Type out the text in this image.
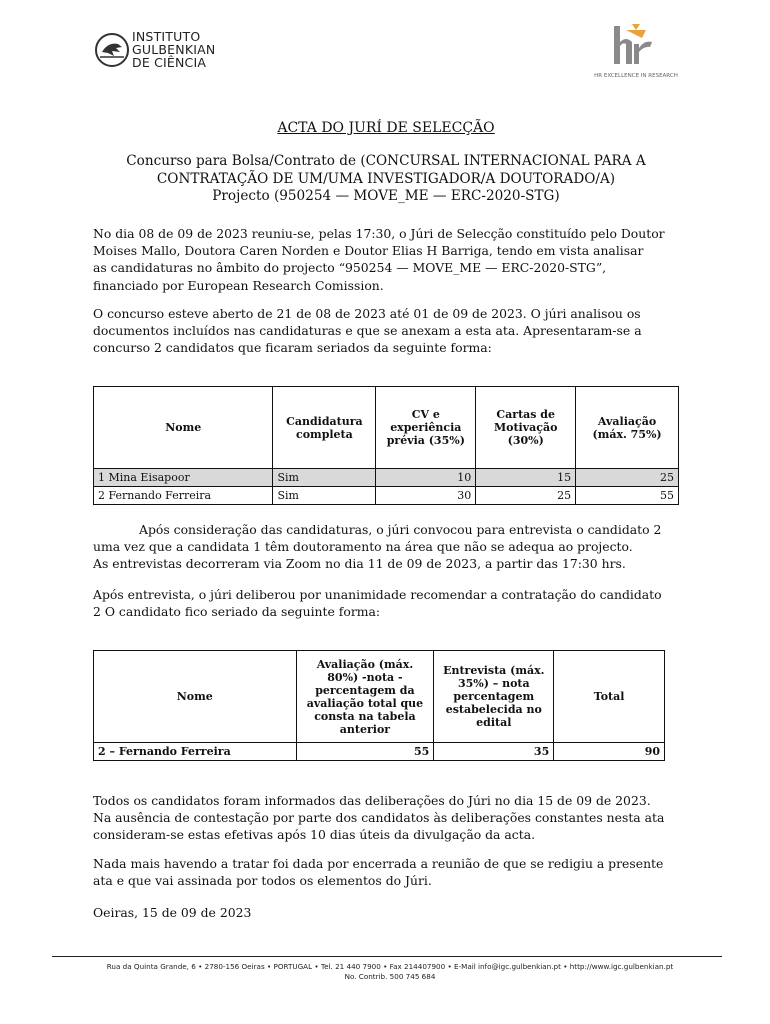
INSTITUTO
GULBENKIAN
DE CIÊNCIA
HR EXCELLENCE IN RESEARCH
ACTA DO JURÍ DE SELECÇÃO
Concurso para Bolsa/Contrato de (CONCURSAL INTERNACIONAL PARA A
CONTRATAÇÃO DE UM/UMA INVESTIGADOR/A DOUTORADO/A)
Projecto (950254 — MOVE_ME — ERC-2020-STG)
No dia 08 de 09 de 2023 reuniu-se, pelas 17:30, o Júri de Selecção constituído pelo Doutor
Moises Mallo, Doutora Caren Norden e Doutor Elias H Barriga, tendo em vista analisar
as candidaturas no âmbito do projecto “950254 — MOVE_ME — ERC-2020-STG”,
financiado por European Research Comission.
O concurso esteve aberto de 21 de 08 de 2023 até 01 de 09 de 2023. O júri analisou os
documentos incluídos nas candidaturas e que se anexam a esta ata. Apresentaram-se a
concurso 2 candidatos que ficaram seriados da seguinte forma:
Nome	Candidatura completa	CV e experiência prévia (35%)	Cartas de Motivação (30%)	Avaliação (máx. 75%)
1 Mina Eisapoor	Sim	10	15	25
2 Fernando Ferreira	Sim	30	25	55
Após consideração das candidaturas, o júri convocou para entrevista o candidato 2
uma vez que a candidata 1 têm doutoramento na área que não se adequa ao projecto.
As entrevistas decorreram via Zoom no dia 11 de 09 de 2023, a partir das 17:30 hrs.
Após entrevista, o júri deliberou por unanimidade recomendar a contratação do candidato
2 O candidato fico seriado da seguinte forma:
Nome	Avaliação (máx. 80%) -nota - percentagem da avaliação total que consta na tabela anterior	Entrevista (máx. 35%) – nota percentagem estabelecida no edital	Total
2 – Fernando Ferreira	55	35	90
Todos os candidatos foram informados das deliberações do Júri no dia 15 de 09 de 2023.
Na ausência de contestação por parte dos candidatos às deliberações constantes nesta ata
consideram-se estas efetivas após 10 dias úteis da divulgação da acta.
Nada mais havendo a tratar foi dada por encerrada a reunião de que se redigiu a presente
ata e que vai assinada por todos os elementos do Júri.
Oeiras, 15 de 09 de 2023
Rua da Quinta Grande, 6 • 2780-156 Oeiras • PORTUGAL • Tel. 21 440 7900 • Fax 214407900 • E-Mail info@igc.gulbenkian.pt • http://www.igc.gulbenkian.pt
No. Contrib. 500 745 684
